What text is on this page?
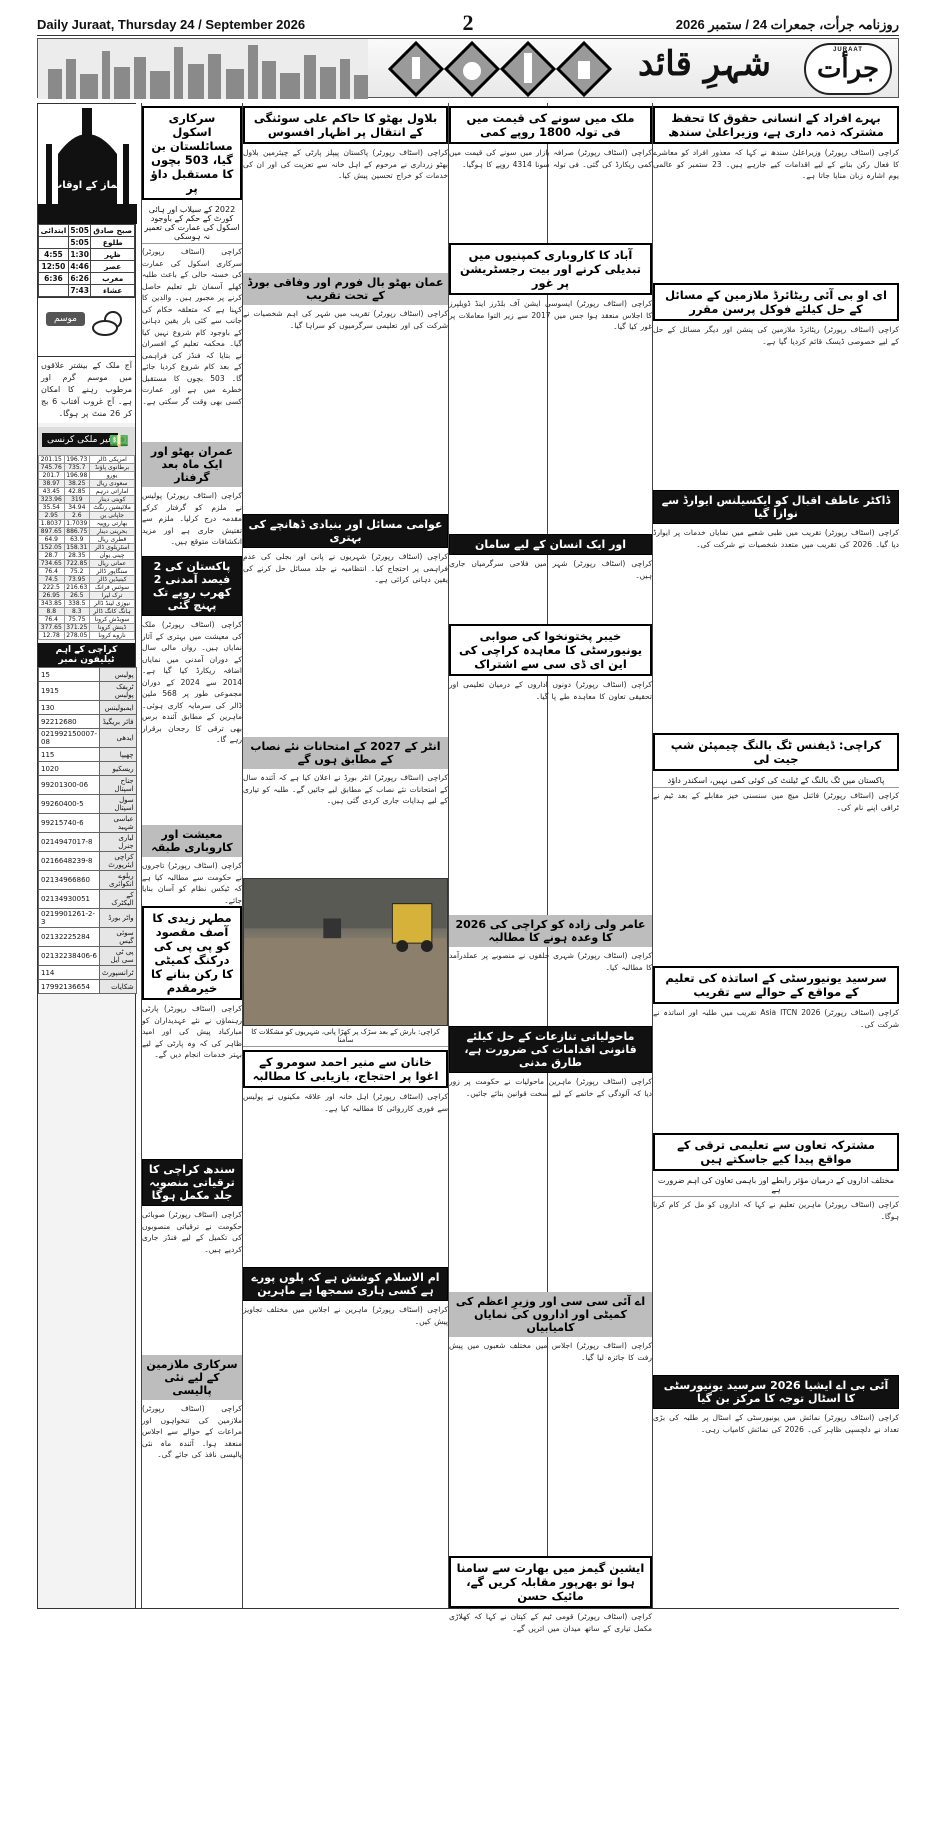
Daily Juraat, Thursday 24 / September 2026	2	روزنامہ جرأت، جمعرات 24 / ستمبر 2026
شہرِ قائد جرأت
JURAAT
نماز کے اوقات
ابتدائی	5:05	صبح صادق
	5:05	طلوع
4:55	1:30	ظہر
12:50	4:46	عصر
6:36	6:26	مغرب
	7:43	عشاء
موسم
آج ملک کے بیشتر علاقوں میں موسم گرم اور مرطوب رہنے کا امکان ہے۔ آج غروب آفتاب 6 بج کر 26 منٹ پر ہوگا۔
غیر ملکی کرنسی
💵
201.15	196.73	امریکی ڈالر
745.76	735.7	برطانوی پاؤنڈ
201.7	196.98	یورو
38.97	38.25	سعودی ریال
43.45	42.85	اماراتی درہم
323.96	319	کویتی دینار
35.54	34.94	ملائیشین رنگٹ
2.95	2.6	جاپانی ین
1.8037	1.7039	بھارتی روپیہ
897.65	886.75	بحرینی دینار
64.9	63.9	قطری ریال
152.05	158.31	آسٹریلوی ڈالر
28.7	28.35	چینی یوآن
734.65	722.85	عمانی ریال
76.4	75.2	سنگاپور ڈالر
74.5	73.95	کینیڈین ڈالر
222.5	216.63	سوئس فرانک
26.95	26.5	ترک لیرا
343.85	338.5	نیوزی لینڈ ڈالر
8.8	8.3	ہانگ کانگ ڈالر
76.4	75.75	سویڈش کرونا
377.65	371.25	ڈینش کرونا
12.78	278.05	ناروے کرونا
کراچی کے اہم ٹیلیفون نمبر
15	پولیس
1915	ٹریفک پولیس
130	ایمبولینس
92212680	فائر بریگیڈ
021992150007-08	ایدھی
115	چھیپا
1020	ریسکیو
99201300-06	جناح اسپتال
99260400-5	سول اسپتال
99215740-6	عباسی شہید
0214947017-8	لیاری جنرل
0216648239-8	کراچی ایئرپورٹ
02134966860	ریلوے انکوائری
02134930051	کے الیکٹرک
0219901261-2-3	واٹر بورڈ
02132225284	سوئی گیس
02132238406-6	پی ٹی سی ایل
114	ٹرانسپورٹ
17992136654	شکایات
سرکاری اسکول مسائلستان بن گیا، 503 بچوں کا مستقبل داؤ پر
2022 کے سیلاب اور ہائی کورٹ کے حکم کے باوجود اسکول کی عمارت کی تعمیر نہ ہوسکی
کراچی (اسٹاف رپورٹر) سرکاری اسکول کی عمارت کی خستہ حالی کے باعث طلبہ کھلے آسمان تلے تعلیم حاصل کرنے پر مجبور ہیں۔ والدین کا کہنا ہے کہ متعلقہ حکام کی جانب سے کئی بار یقین دہانی کے باوجود کام شروع نہیں کیا گیا۔ محکمہ تعلیم کے افسران نے بتایا کہ فنڈز کی فراہمی کے بعد کام شروع کردیا جائے گا۔ 503 بچوں کا مستقبل خطرے میں ہے اور عمارت کسی بھی وقت گر سکتی ہے۔
عمران بھٹو اور ایک ماہ بعد گرفتار
کراچی (اسٹاف رپورٹر) پولیس نے ملزم کو گرفتار کرکے مقدمہ درج کرلیا۔ ملزم سے تفتیش جاری ہے اور مزید انکشافات متوقع ہیں۔
پاکستان کی 2 فیصد آمدنی 2 کھرب روپے تک پہنچ گئی
کراچی (اسٹاف رپورٹر) ملک کی معیشت میں بہتری کے آثار نمایاں ہیں۔ رواں مالی سال کے دوران آمدنی میں نمایاں اضافہ ریکارڈ کیا گیا ہے۔ 2014 سے 2024 کے دوران مجموعی طور پر 568 ملین ڈالر کی سرمایہ کاری ہوئی۔ ماہرین کے مطابق آئندہ برس بھی ترقی کا رجحان برقرار رہے گا۔
معیشت اور کاروباری طبقہ
کراچی (اسٹاف رپورٹر) تاجروں نے حکومت سے مطالبہ کیا ہے کہ ٹیکس نظام کو آسان بنایا جائے۔
مطہر زیدی کا آصف مقصود کو پی پی کی درکنگ کمیٹی کا رکن بنانے کا خیرمقدم
کراچی (اسٹاف رپورٹر) پارٹی رہنماؤں نے نئے عہدیداران کو مبارکباد پیش کی اور امید ظاہر کی کہ وہ پارٹی کے لیے بہتر خدمات انجام دیں گے۔
سندھ کراچی کا ترقیاتی منصوبہ جلد مکمل ہوگا
کراچی (اسٹاف رپورٹر) صوبائی حکومت نے ترقیاتی منصوبوں کی تکمیل کے لیے فنڈز جاری کردیے ہیں۔
سرکاری ملازمین کے لیے نئی پالیسی
کراچی (اسٹاف رپورٹر) ملازمین کی تنخواہوں اور مراعات کے حوالے سے اجلاس منعقد ہوا۔ آئندہ ماہ نئی پالیسی نافذ کی جائے گی۔
بلاول بھٹو کا حاکم علی سوئنگی کے انتقال پر اظہار افسوس
کراچی (اسٹاف رپورٹر) پاکستان پیپلز پارٹی کے چیئرمین بلاول بھٹو زرداری نے مرحوم کے اہل خانہ سے تعزیت کی اور ان کی خدمات کو خراج تحسین پیش کیا۔
عمان بھٹو بال فورم اور وفاقی بورڈ کے تحت تقریب
کراچی (اسٹاف رپورٹر) تقریب میں شہر کی اہم شخصیات نے شرکت کی اور تعلیمی سرگرمیوں کو سراہا گیا۔
عوامی مسائل اور بنیادی ڈھانچے کی بہتری
کراچی (اسٹاف رپورٹر) شہریوں نے پانی اور بجلی کی عدم فراہمی پر احتجاج کیا۔ انتظامیہ نے جلد مسائل حل کرنے کی یقین دہانی کرائی ہے۔
انٹر کے 2027 کے امتحانات نئے نصاب کے مطابق ہوں گے
کراچی (اسٹاف رپورٹر) انٹر بورڈ نے اعلان کیا ہے کہ آئندہ سال کے امتحانات نئے نصاب کے مطابق لیے جائیں گے۔ طلبہ کو تیاری کے لیے ہدایات جاری کردی گئی ہیں۔
کراچی: بارش کے بعد سڑک پر کھڑا پانی، شہریوں کو مشکلات کا سامنا
خانان سے منیر احمد سومرو کے اغوا پر احتجاج، بازیابی کا مطالبہ
کراچی (اسٹاف رپورٹر) اہل خانہ اور علاقہ مکینوں نے پولیس سے فوری کارروائی کا مطالبہ کیا ہے۔
ام الاسلام کوشش ہے کہ پلوں پورے ہے کسی ہاری سمجھا ہے ماہرین
کراچی (اسٹاف رپورٹر) ماہرین نے اجلاس میں مختلف تجاویز پیش کیں۔
ملک میں سونے کی قیمت میں فی تولہ 1800 روپے کمی
کراچی (اسٹاف رپورٹر) صرافہ بازار میں سونے کی قیمت میں کمی ریکارڈ کی گئی۔ فی تولہ سونا 4314 روپے کا ہوگیا۔
آباد کا کاروباری کمپنیوں میں تبدیلی کرنے اور بیت رجسٹریشن پر غور
کراچی (اسٹاف رپورٹر) ایسوسی ایشن آف بلڈرز اینڈ ڈویلپرز کا اجلاس منعقد ہوا جس میں 2017 سے زیر التوا معاملات پر غور کیا گیا۔
اور ایک انسان کے لیے سامان
کراچی (اسٹاف رپورٹر) شہر میں فلاحی سرگرمیاں جاری ہیں۔
خیبر پختونخوا کی صوابی یونیورسٹی کا معاہدہ کراچی کی این ای ڈی سی سے اشتراک
کراچی (اسٹاف رپورٹر) دونوں اداروں کے درمیان تعلیمی اور تحقیقی تعاون کا معاہدہ طے پا گیا۔
عامر ولی زادہ کو کراچی کی 2026 کا وعدہ ہونے کا مطالبہ
کراچی (اسٹاف رپورٹر) شہری حلقوں نے منصوبے پر عملدرآمد کا مطالبہ کیا۔
ماحولیاتی تنازعات کے حل کیلئے قانونی اقدامات کی ضرورت ہے، طارق مدنی
کراچی (اسٹاف رپورٹر) ماہرین ماحولیات نے حکومت پر زور دیا کہ آلودگی کے خاتمے کے لیے سخت قوانین بنائے جائیں۔
اے آئی سی سی اور وزیرِ اعظم کی کمیٹی اور اداروں کی نمایاں کامیابیاں
کراچی (اسٹاف رپورٹر) اجلاس میں مختلف شعبوں میں پیش رفت کا جائزہ لیا گیا۔
ایشین گیمز میں بھارت سے سامنا ہوا تو بھرپور مقابلہ کریں گے، مائیک حسن
کراچی (اسٹاف رپورٹر) قومی ٹیم کے کپتان نے کہا کہ کھلاڑی مکمل تیاری کے ساتھ میدان میں اتریں گے۔
بہرے افراد کے انسانی حقوق کا تحفظ مشترکہ ذمہ داری ہے، وزیراعلیٰ سندھ
کراچی (اسٹاف رپورٹر) وزیراعلیٰ سندھ نے کہا کہ معذور افراد کو معاشرے کا فعال رکن بنانے کے لیے اقدامات کیے جارہے ہیں۔ 23 ستمبر کو عالمی یوم اشارہ زبان منایا جاتا ہے۔
ای او بی آئی ریٹائرڈ ملازمین کے مسائل کے حل کیلئے فوکل پرسن مقرر
کراچی (اسٹاف رپورٹر) ریٹائرڈ ملازمین کی پنشن اور دیگر مسائل کے حل کے لیے خصوصی ڈیسک قائم کردیا گیا ہے۔
ڈاکٹر عاطف اقبال کو ایکسیلنس ایوارڈ سے نوازا گیا
کراچی (اسٹاف رپورٹر) تقریب میں طبی شعبے میں نمایاں خدمات پر ایوارڈ دیا گیا۔ 2026 کی تقریب میں متعدد شخصیات نے شرکت کی۔
کراچی: ڈیفنس ٹگ بالنگ چیمپئن شپ جیت لی
پاکستان میں ٹگ بالنگ کے ٹیلنٹ کی کوئی کمی نہیں، اسکندر داؤد
کراچی (اسٹاف رپورٹر) فائنل میچ میں سنسنی خیز مقابلے کے بعد ٹیم نے ٹرافی اپنے نام کی۔
سرسید یونیورسٹی کے اساتذہ کی تعلیم کے مواقع کے حوالے سے تقریب
کراچی (اسٹاف رپورٹر) 2026 Asia ITCN تقریب میں طلبہ اور اساتذہ نے شرکت کی۔
مشترکہ تعاون سے تعلیمی ترقی کے مواقع پیدا کیے جاسکتے ہیں
مختلف اداروں کے درمیان مؤثر رابطے اور باہمی تعاون کی اہم ضرورت ہے
کراچی (اسٹاف رپورٹر) ماہرین تعلیم نے کہا کہ اداروں کو مل کر کام کرنا ہوگا۔
آئی بی اے ایشیا 2026 سرسید یونیورسٹی کا اسٹال توجہ کا مرکز بن گیا
کراچی (اسٹاف رپورٹر) نمائش میں یونیورسٹی کے اسٹال پر طلبہ کی بڑی تعداد نے دلچسپی ظاہر کی۔ 2026 کی نمائش کامیاب رہی۔
